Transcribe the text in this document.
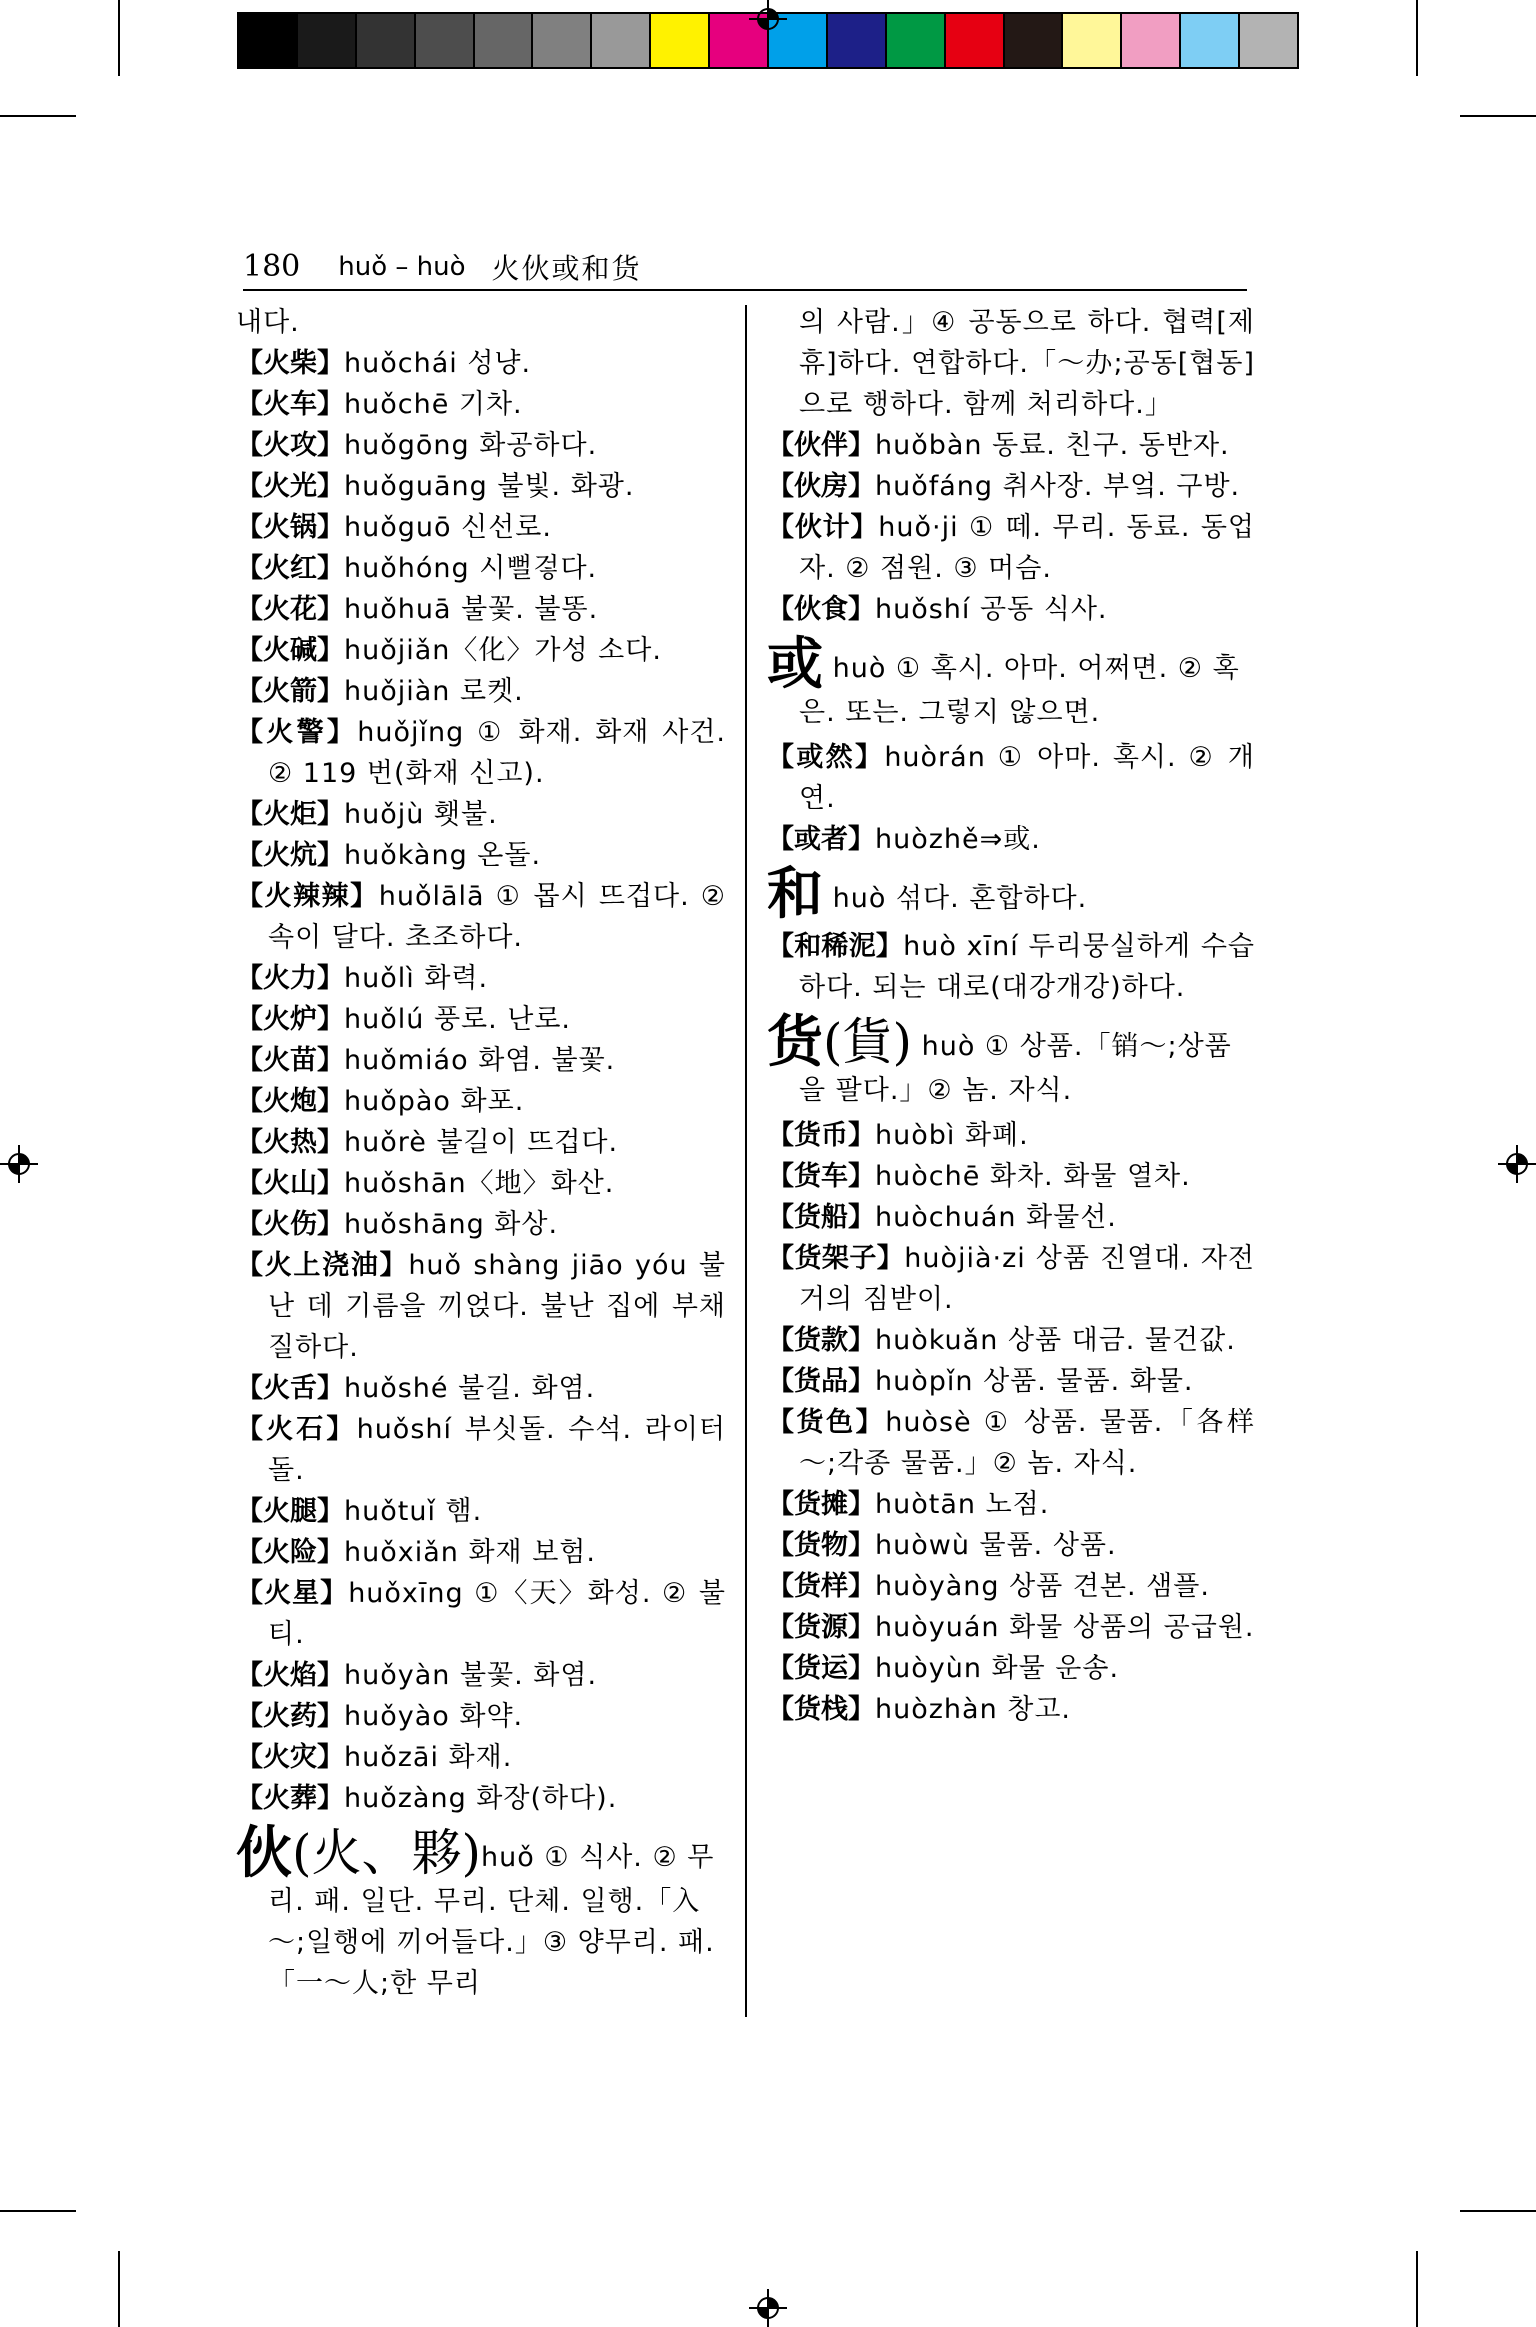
180 huǒ – huò 火伙或和货

내다.

【火柴】huǒchái 성냥.

【火车】huǒchē 기차.

【火攻】huǒgōng 화공하다.

【火光】huǒguāng 불빛. 화광.

【火锅】huǒguō 신선로.

【火红】huǒhóng 시뻘겋다.

【火花】huǒhuā 불꽃. 불똥.

【火碱】huǒjiǎn〈化〉가성 소다.

【火箭】huǒjiàn 로켓.

【火警】huǒjǐng ① 화재. 화재 사건. ② 119 번(화재 신고).

【火炬】huǒjù 횃불.

【火炕】huǒkàng 온돌.

【火辣辣】huǒlālā ① 몹시 뜨겁다. ② 속이 달다. 초조하다.

【火力】huǒlì 화력.

【火炉】huǒlú 풍로. 난로.

【火苗】huǒmiáo 화염. 불꽃.

【火炮】huǒpào 화포.

【火热】huǒrè 불길이 뜨겁다.

【火山】huǒshān〈地〉화산.

【火伤】huǒshāng 화상.

【火上浇油】huǒ shàng jiāo yóu 불난 데 기름을 끼얹다. 불난 집에 부채질하다.

【火舌】huǒshé 불길. 화염.

【火石】huǒshí 부싯돌. 수석. 라이터 돌.

【火腿】huǒtuǐ 햄.

【火险】huǒxiǎn 화재 보험.

【火星】huǒxīng ①〈天〉화성. ② 불티.

【火焰】huǒyàn 불꽃. 화염.

【火药】huǒyào 화약.

【火灾】huǒzāi 화재.

【火葬】huǒzàng 화장(하다).

伙(火、夥)huǒ ① 식사. ② 무리. 패. 일단. 무리. 단체. 일행.「入～;일행에 끼어들다.」③ 양무리. 패.「一～人;한 무리

의 사람.」④ 공동으로 하다. 협력[제휴]하다. 연합하다.「～办;공동[협동]으로 행하다. 함께 처리하다.」

【伙伴】huǒbàn 동료. 친구. 동반자.

【伙房】huǒfáng 취사장. 부엌. 구방.

【伙计】huǒ·ji ① 떼. 무리. 동료. 동업자. ② 점원. ③ 머슴.

【伙食】huǒshí 공동 식사.

或 huò ① 혹시. 아마. 어쩌면. ② 혹은. 또는. 그렇지 않으면.

【或然】huòrán ① 아마. 혹시. ② 개연.

【或者】huòzhě⇒或.

和 huò 섞다. 혼합하다.

【和稀泥】huò xīní 두리뭉실하게 수습하다. 되는 대로(대강개강)하다.

货(貨) huò ① 상품.「销～;상품을 팔다.」② 놈. 자식.

【货币】huòbì 화폐.

【货车】huòchē 화차. 화물 열차.

【货船】huòchuán 화물선.

【货架子】huòjià·zi 상품 진열대. 자전거의 짐받이.

【货款】huòkuǎn 상품 대금. 물건값.

【货品】huòpǐn 상품. 물품. 화물.

【货色】huòsè ① 상품. 물품.「各样～;각종 물품.」② 놈. 자식.

【货摊】huòtān 노점.

【货物】huòwù 물품. 상품.

【货样】huòyàng 상품 견본. 샘플.

【货源】huòyuán 화물 상품의 공급원.

【货运】huòyùn 화물 운송.

【货栈】huòzhàn 창고.
